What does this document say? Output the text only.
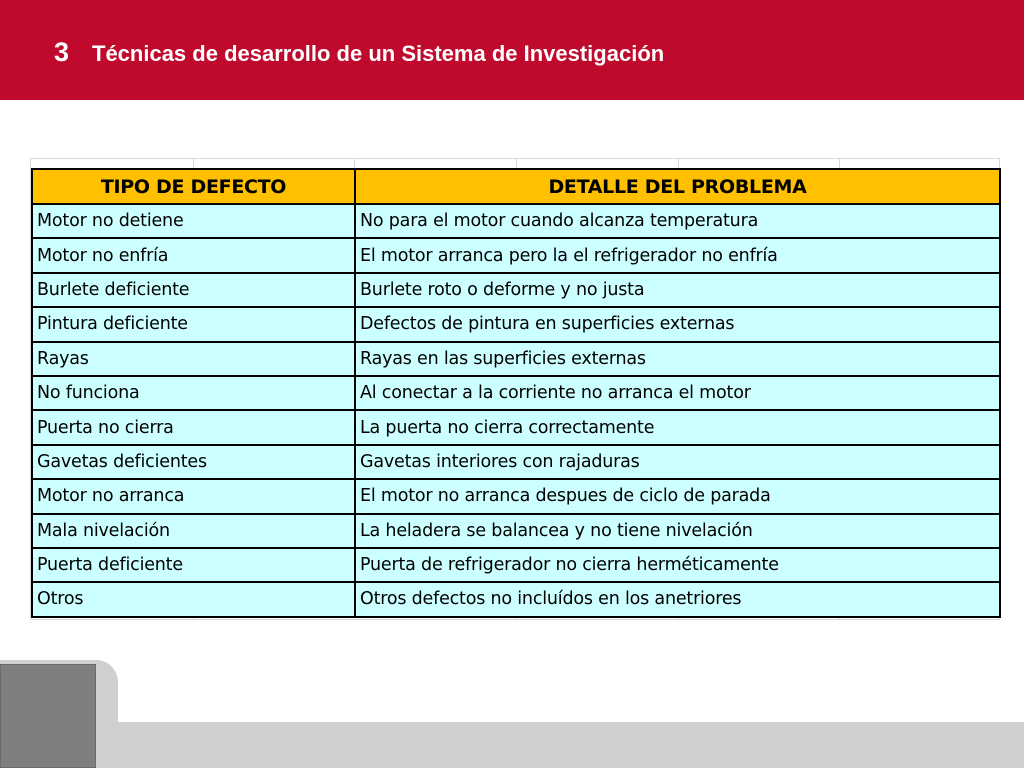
3 Técnicas de desarrollo de un Sistema de Investigación
TIPO DE DEFECTO	DETALLE DEL PROBLEMA
Motor no detiene	No para el motor cuando alcanza temperatura
Motor no enfría	El motor arranca pero la el refrigerador no enfría
Burlete deficiente	Burlete roto o deforme y no justa
Pintura deficiente	Defectos de pintura en superficies externas
Rayas	Rayas en las superficies externas
No funciona	Al conectar a la corriente no arranca el motor
Puerta no cierra	La puerta no cierra correctamente
Gavetas deficientes	Gavetas interiores con rajaduras
Motor no arranca	El motor no arranca despues de ciclo de parada
Mala nivelación	La heladera se balancea y no tiene nivelación
Puerta deficiente	Puerta de refrigerador no cierra herméticamente
Otros	Otros defectos no incluídos en los anetriores
